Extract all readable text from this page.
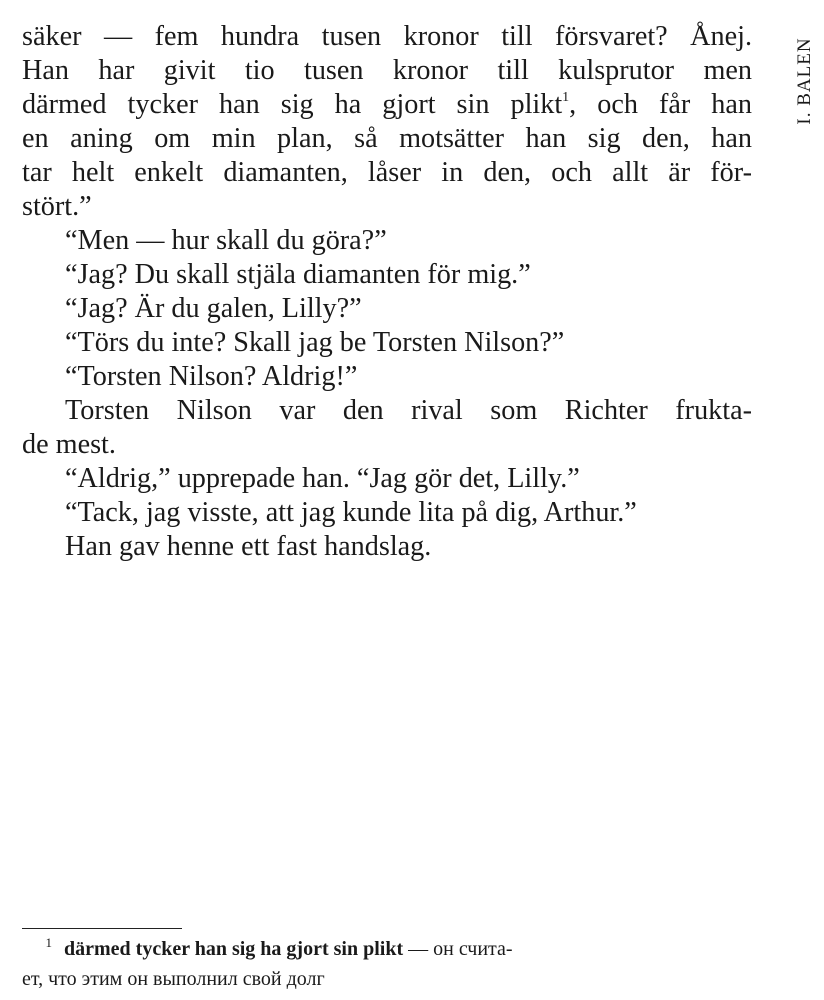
I. BALEN
säker — fem hundra tusen kronor till försvaret? Ånej.
Han har givit tio tusen kronor till kulsprutor men
därmed tycker han sig ha gjort sin plikt$^1$, och får han
en aning om min plan, så motsätter han sig den, han
tar helt enkelt diamanten, låser in den, och allt är för-
stört.”
“Men — hur skall du göra?”
“Jag? Du skall stjäla diamanten för mig.”
“Jag? Är du galen, Lilly?”
“Törs du inte? Skall jag be Torsten Nilson?”
“Torsten Nilson? Aldrig!”
Torsten Nilson var den rival som Richter frukta-
de mest.
“Aldrig,” upprepade han. “Jag gör det, Lilly.”
“Tack, jag visste, att jag kunde lita på dig, Arthur.”
Han gav henne ett fast handslag.
1 därmed tycker han sig ha gjort sin plikt — он счита-
ет, что этим он выполнил свой долг
